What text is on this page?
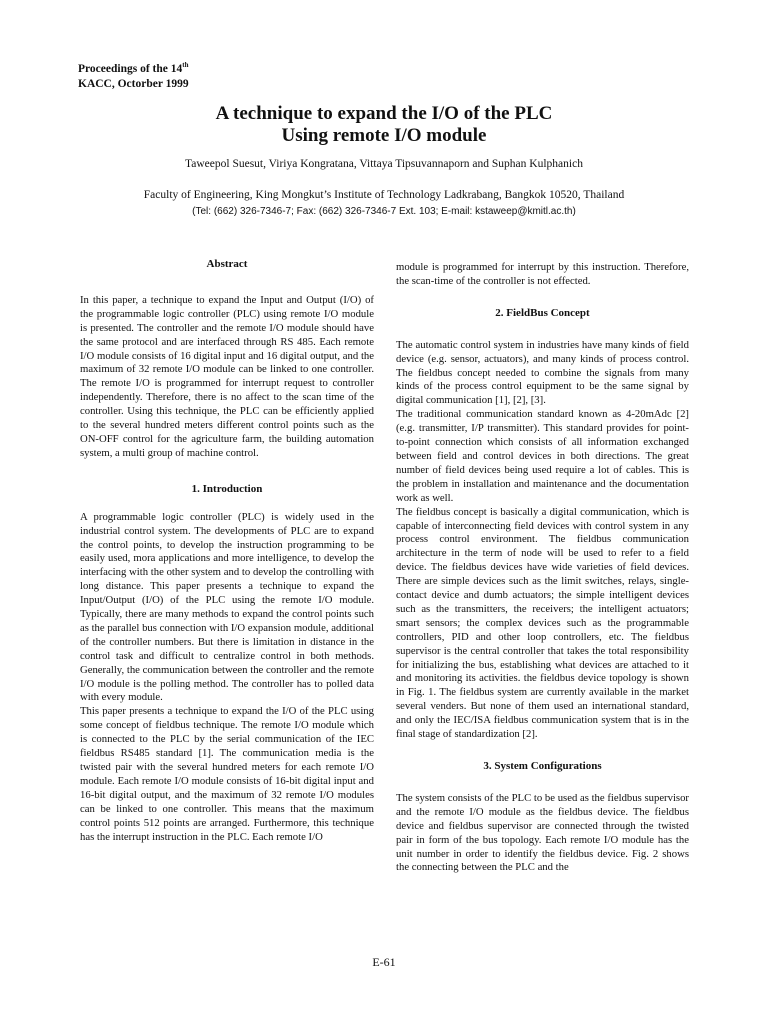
Proceedings of the 14th
KACC, Octorber 1999
A technique to expand the I/O of the PLC
Using remote I/O module
Taweepol Suesut, Viriya Kongratana, Vittaya Tipsuvannaporn and Suphan Kulphanich
Faculty of Engineering, King Mongkut’s Institute of Technology Ladkrabang, Bangkok 10520, Thailand
(Tel: (662) 326-7346-7; Fax: (662) 326-7346-7 Ext. 103; E-mail: kstaweep@kmitl.ac.th)
Abstract

In this paper, a technique to expand the Input and Output (I/O) of the programmable logic controller (PLC) using remote I/O module is presented. The controller and the remote I/O module should have the same protocol and are interfaced through RS 485. Each remote I/O module consists of 16 digital input and 16 digital output, and the maximum of 32 remote I/O module can be linked to one controller. The remote I/O is programmed for interrupt request to controller independently. Therefore, there is no affect to the scan time of the controller. Using this technique, the PLC can be efficiently applied to the several hundred meters different control points such as the ON-OFF control for the agriculture farm, the building automation system, a multi group of machine control.

1. Introduction

A programmable logic controller (PLC) is widely used in the industrial control system. The developments of PLC are to expand the control points, to develop the instruction programming to be easily used, mora applications and more intelligence, to develop the interfacing with the other system and to develop the controlling with long distance. This paper presents a technique to expand the Input/Output (I/O) of the PLC using the remote I/O module. Typically, there are many methods to expand the control points such as the parallel bus connection with I/O expansion module, additional of the controller numbers. But there is limitation in distance in the control task and difficult to centralize control in both methods. Generally, the communication between the controller and the remote I/O module is the polling method. The controller has to polled data with every module.

This paper presents a technique to expand the I/O of the PLC using some concept of fieldbus technique. The remote I/O module which is connected to the PLC by the serial communication of the IEC fieldbus RS485 standard [1]. The communication media is the twisted pair with the several hundred meters for each remote I/O module. Each remote I/O module consists of 16-bit digital input and 16-bit digital output, and the maximum of 32 remote I/O modules can be linked to one controller. This means that the maximum control points 512 points are arranged. Furthermore, this technique has the interrupt instruction in the PLC. Each remote I/O

module is programmed for interrupt by this instruction. Therefore, the scan-time of the controller is not effected.

2. FieldBus Concept

The automatic control system in industries have many kinds of field device (e.g. sensor, actuators), and many kinds of process control. The fieldbus concept needed to combine the signals from many kinds of the process control equipment to be the same signal by digital communication [1], [2], [3].

The traditional communication standard known as 4-20mAdc [2] (e.g. transmitter, I/P transmitter). This standard provides for point-to-point connection which consists of all information exchanged between field and control devices in both directions. The great number of field devices being used require a lot of cables. This is the problem in installation and maintenance and the documentation work as well.

The fieldbus concept is basically a digital communication, which is capable of interconnecting field devices with control system in any process control environment. The fieldbus communication architecture in the term of node will be used to refer to a field device. The fieldbus devices have wide varieties of field devices. There are simple devices such as the limit switches, relays, single-contact device and dumb actuators; the simple intelligent devices such as the transmitters, the receivers; the intelligent actuators; smart sensors; the complex devices such as the programmable controllers, PID and other loop controllers, etc. The fieldbus supervisor is the central controller that takes the total responsibility for initializing the bus, establishing what devices are attached to it and monitoring its activities. the fieldbus device topology is shown in Fig. 1. The fieldbus system are currently available in the market several venders. But none of them used an international standard, and only the IEC/ISA fieldbus communication system that is in the final stage of standardization [2].

3. System Configurations

The system consists of the PLC to be used as the fieldbus supervisor and the remote I/O module as the fieldbus device. The fieldbus device and fieldbus supervisor are connected through the twisted pair in form of the bus topology. Each remote I/O module has the unit number in order to identify the fieldbus device. Fig. 2 shows the connecting between the PLC and the

E-61
